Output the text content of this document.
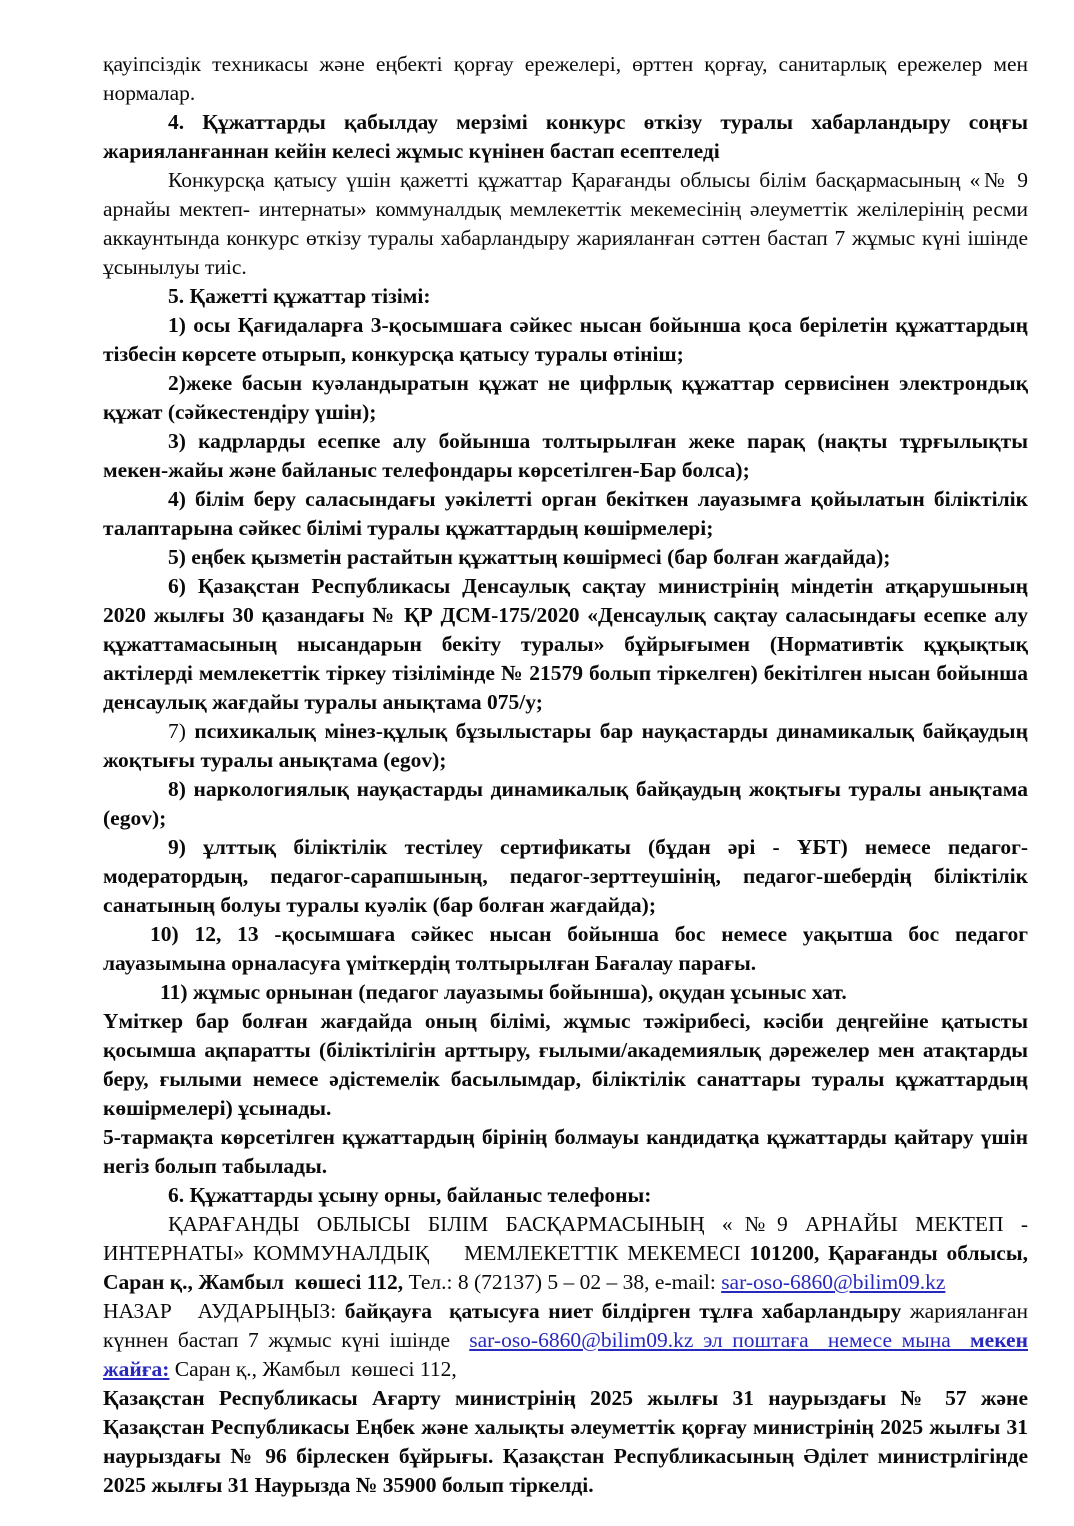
қауіпсіздік техникасы және еңбекті қорғау ережелері, өрттен қорғау, санитарлық ережелер мен нормалар.

4. Құжаттарды қабылдау мерзімі конкурс өткізу туралы хабарландыру соңғы жарияланғаннан кейін келесі жұмыс күнінен бастап есептеледі

Конкурсқа қатысу үшін қажетті құжаттар Қарағанды облысы білім басқармасының «№ 9 арнайы мектеп- интернаты» коммуналдық мемлекеттік мекемесінің әлеуметтік желілерінің ресми аккаунтында конкурс өткізу туралы хабарландыру жарияланған сәттен бастап 7 жұмыс күні ішінде ұсынылуы тиіс.

5. Қажетті құжаттар тізімі:

1) осы Қағидаларға 3-қосымшаға сәйкес нысан бойынша қоса берілетін құжаттардың тізбесін көрсете отырып, конкурсқа қатысу туралы өтініш;

2)жеке басын куәландыратын құжат не цифрлық құжаттар сервисінен электрондық құжат (сәйкестендіру үшін);

3) кадрларды есепке алу бойынша толтырылған жеке парақ (нақты тұрғылықты мекен-жайы және байланыс телефондары көрсетілген-Бар болса);

4) білім беру саласындағы уәкілетті орган бекіткен лауазымға қойылатын біліктілік талаптарына сәйкес білімі туралы құжаттардың көшірмелері;

5) еңбек қызметін растайтын құжаттың көшірмесі (бар болған жағдайда);

6) Қазақстан Республикасы Денсаулық сақтау министрінің міндетін атқарушының 2020 жылғы 30 қазандағы № ҚР ДСМ-175/2020 «Денсаулық сақтау саласындағы есепке алу құжаттамасының нысандарын бекіту туралы» бұйрығымен (Нормативтік құқықтық актілерді мемлекеттік тіркеу тізілімінде № 21579 болып тіркелген) бекітілген нысан бойынша денсаулық жағдайы туралы анықтама 075/у;

7) психикалық мінез-құлық бұзылыстары бар науқастарды динамикалық байқаудың жоқтығы туралы анықтама (egov);

8) наркологиялық науқастарды динамикалық байқаудың жоқтығы туралы анықтама (egov);

9) ұлттық біліктілік тестілеу сертификаты (бұдан әрі - ҰБТ) немесе педагог-модератордың, педагог-сарапшының, педагог-зерттеушінің, педагог-шебердің біліктілік санатының болуы туралы куәлік (бар болған жағдайда);

10) 12, 13 -қосымшаға сәйкес нысан бойынша бос немесе уақытша бос педагог лауазымына орналасуға үміткердің толтырылған Бағалау парағы.

11) жұмыс орнынан (педагог лауазымы бойынша), оқудан ұсыныс хат.

Үміткер бар болған жағдайда оның білімі, жұмыс тәжірибесі, кәсіби деңгейіне қатысты қосымша ақпаратты (біліктілігін арттыру, ғылыми/академиялық дәрежелер мен атақтарды беру, ғылыми немесе әдістемелік басылымдар, біліктілік санаттары туралы құжаттардың көшірмелері) ұсынады.

5-тармақта көрсетілген құжаттардың бірінің болмауы кандидатқа құжаттарды қайтару үшін негіз болып табылады.

6. Құжаттарды ұсыну орны, байланыс телефоны:

ҚАРАҒАНДЫ ОБЛЫСЫ БІЛІМ БАСҚАРМАСЫНЫҢ «№9 АРНАЙЫ МЕКТЕП - ИНТЕРНАТЫ» КОММУНАЛДЫҚ    МЕМЛЕКЕТТІК МЕКЕМЕСІ 101200, Қарағанды облысы, Саран қ., Жамбыл  көшесі 112, Тел.: 8 (72137) 5 – 02 – 38, e-mail: sar-oso-6860@bilim09.kz

НАЗАР   АУДАРЫҢЫЗ: байқауға  қатысуға ниет білдірген тұлға хабарландыру жарияланған күннен бастап 7 жұмыс күні ішінде  sar-oso-6860@bilim09.kz эл поштаға  немесе мына  мекен жайға: Саран қ., Жамбыл  көшесі 112,

Қазақстан Республикасы Ағарту министрінің 2025 жылғы 31 наурыздағы № 57 және Қазақстан Республикасы Еңбек және халықты әлеуметтік қорғау министрінің 2025 жылғы 31 наурыздағы № 96 бірлескен бұйрығы. Қазақстан Республикасының Әділет министрлігінде 2025 жылғы 31 Наурызда № 35900 болып тіркелді.
